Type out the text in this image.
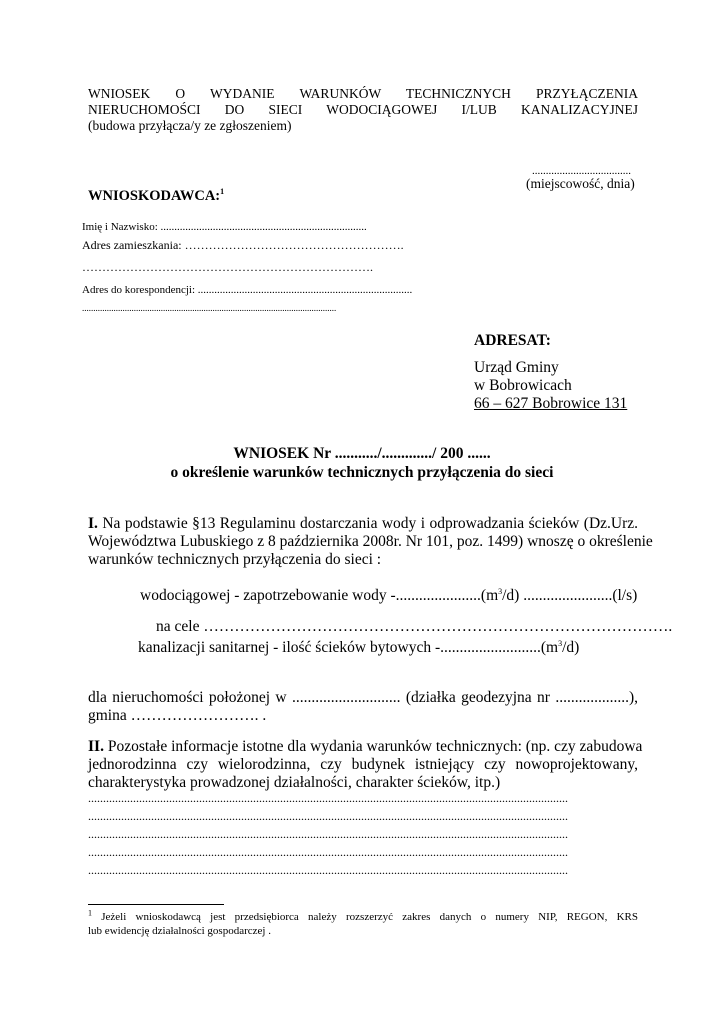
WNIOSEK O WYDANIE WARUNKÓW TECHNICZNYCH PRZYŁĄCZENIA
NIERUCHOMOŚCI DO SIECI WODOCIĄGOWEJ I/LUB KANALIZACYJNEJ
(budowa przyłącza/y ze zgłoszeniem)
....................................
(miejscowość, dnia)
WNIOSKODAWCA:$^1$
Imię i Nazwisko: ...........................................................................
Adres zamieszkania: ……………………………………………….
……………………………………………………………….
Adres do korespondencji: ..............................................................................
.................................................................................................................
ADRESAT:
Urząd Gminy
w Bobrowicach
66 – 627 Bobrowice 131
WNIOSEK Nr .........../............./ 200 ......
o określenie warunków technicznych przyłączenia do sieci
I. Na podstawie §13 Regulaminu dostarczania wody i odprowadzania ścieków (Dz.Urz.
Województwa Lubuskiego z 8 października 2008r. Nr 101, poz. 1499) wnoszę o określenie
warunków technicznych przyłączenia do sieci :
wodociągowej - zapotrzebowanie wody $-......................(m^3/d)$ .......................(l/s)
na cele ……………………………………………………………………………….
kanalizacji sanitarnej - ilość ścieków bytowych $-..........................(m^3/d)$
dla nieruchomości położonej w ............................ (działka geodezyjna nr ...................),
gmina ……………………. .
II. Pozostałe informacje istotne dla wydania warunków technicznych: (np. czy zabudowa
jednorodzinna czy wielorodzinna, czy budynek istniejący czy nowoprojektowany,
charakterystyka prowadzonej działalności, charakter ścieków, itp.)
................................................................................................................................................................
................................................................................................................................................................
................................................................................................................................................................
................................................................................................................................................................
................................................................................................................................................................
$^1$ Jeżeli wnioskodawcą jest przedsiębiorca należy rozszerzyć zakres danych o numery NIP, REGON, KRS
lub ewidencję działalności gospodarczej .
